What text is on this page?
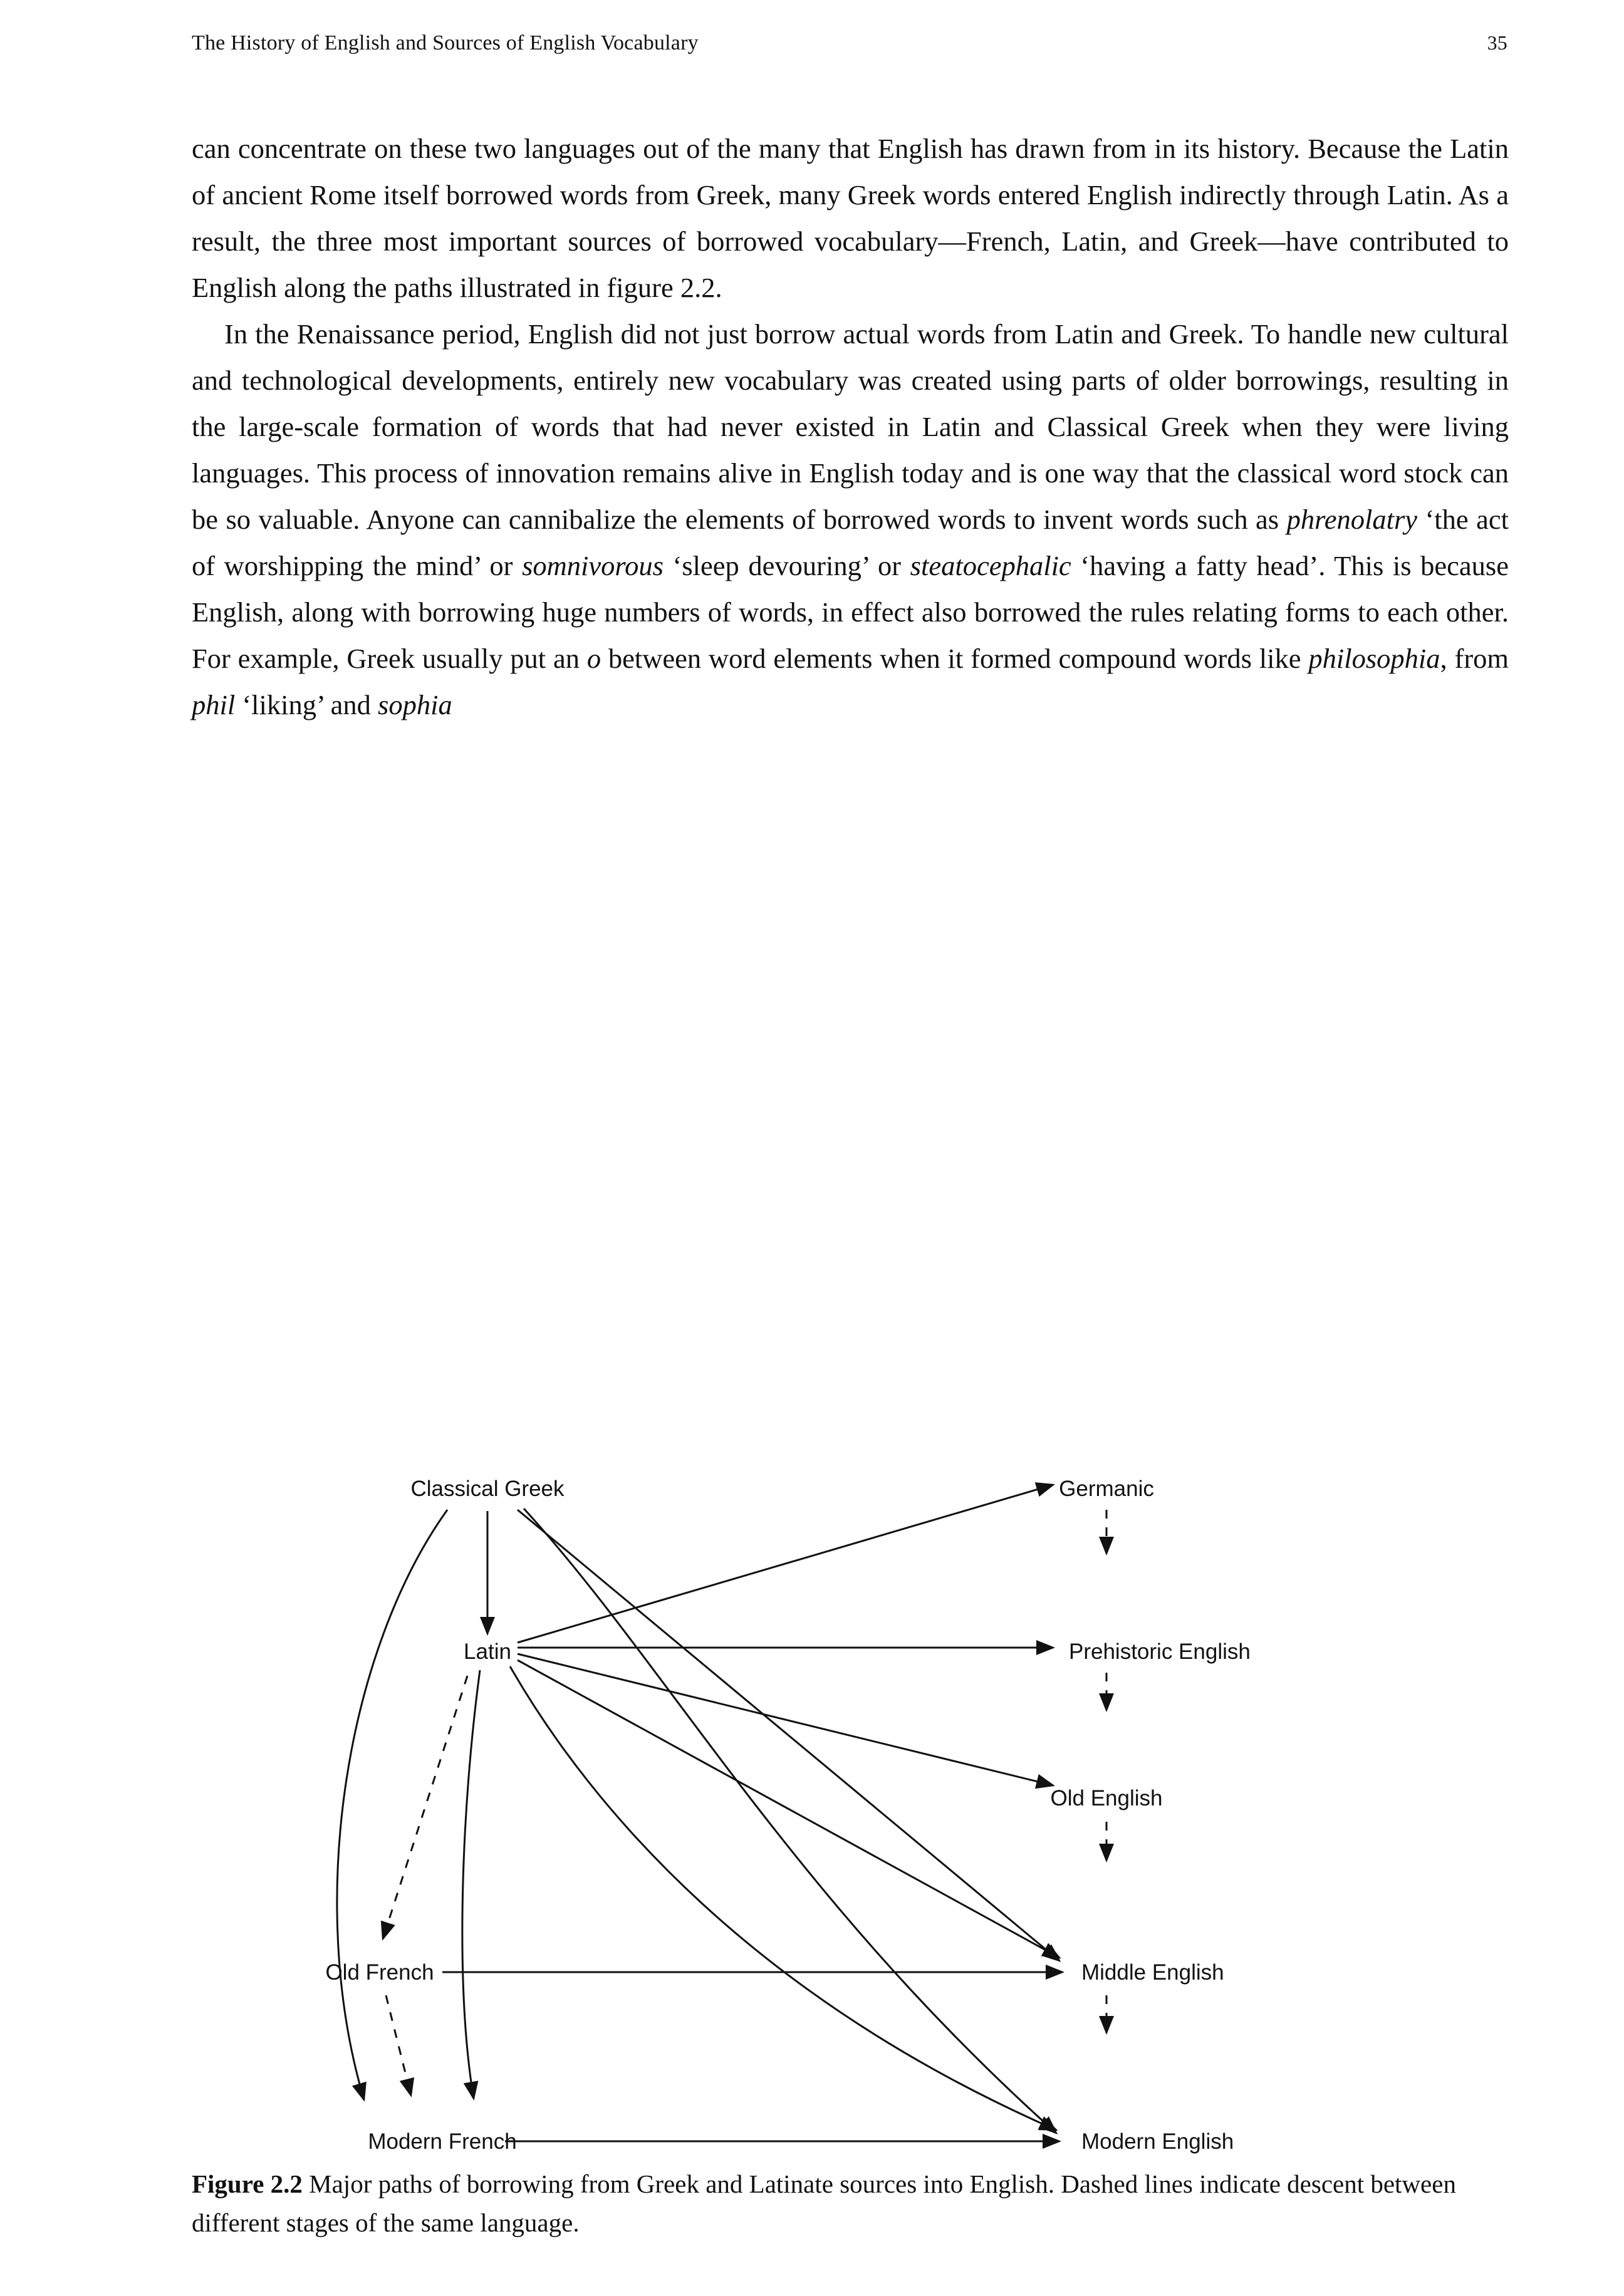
The History of English and Sources of English Vocabulary	35

can concentrate on these two languages out of the many that English has drawn from in its history. Because the Latin of ancient Rome itself borrowed words from Greek, many Greek words entered English indirectly through Latin. As a result, the three most important sources of borrowed vocabulary—French, Latin, and Greek—have contributed to English along the paths illustrated in figure 2.2.

In the Renaissance period, English did not just borrow actual words from Latin and Greek. To handle new cultural and technological developments, entirely new vocabulary was created using parts of older borrowings, resulting in the large-scale formation of words that had never existed in Latin and Classical Greek when they were living languages. This process of innovation remains alive in English today and is one way that the classical word stock can be so valuable. Anyone can cannibalize the elements of borrowed words to invent words such as phrenolatry ‘the act of worshipping the mind’ or somnivorous ‘sleep devouring’ or steatocephalic ‘having a fatty head’. This is because English, along with borrowing huge numbers of words, in effect also borrowed the rules relating forms to each other. For example, Greek usually put an o between word elements when it formed compound words like philosophia, from phil ‘liking’ and sophia

Classical Greek	Germanic
Latin	Prehistoric English
Old English
Old French	Middle English
Modern French	Modern English
Figure 2.2 Major paths of borrowing from Greek and Latinate sources into English. Dashed lines indicate descent between different stages of the same language.
